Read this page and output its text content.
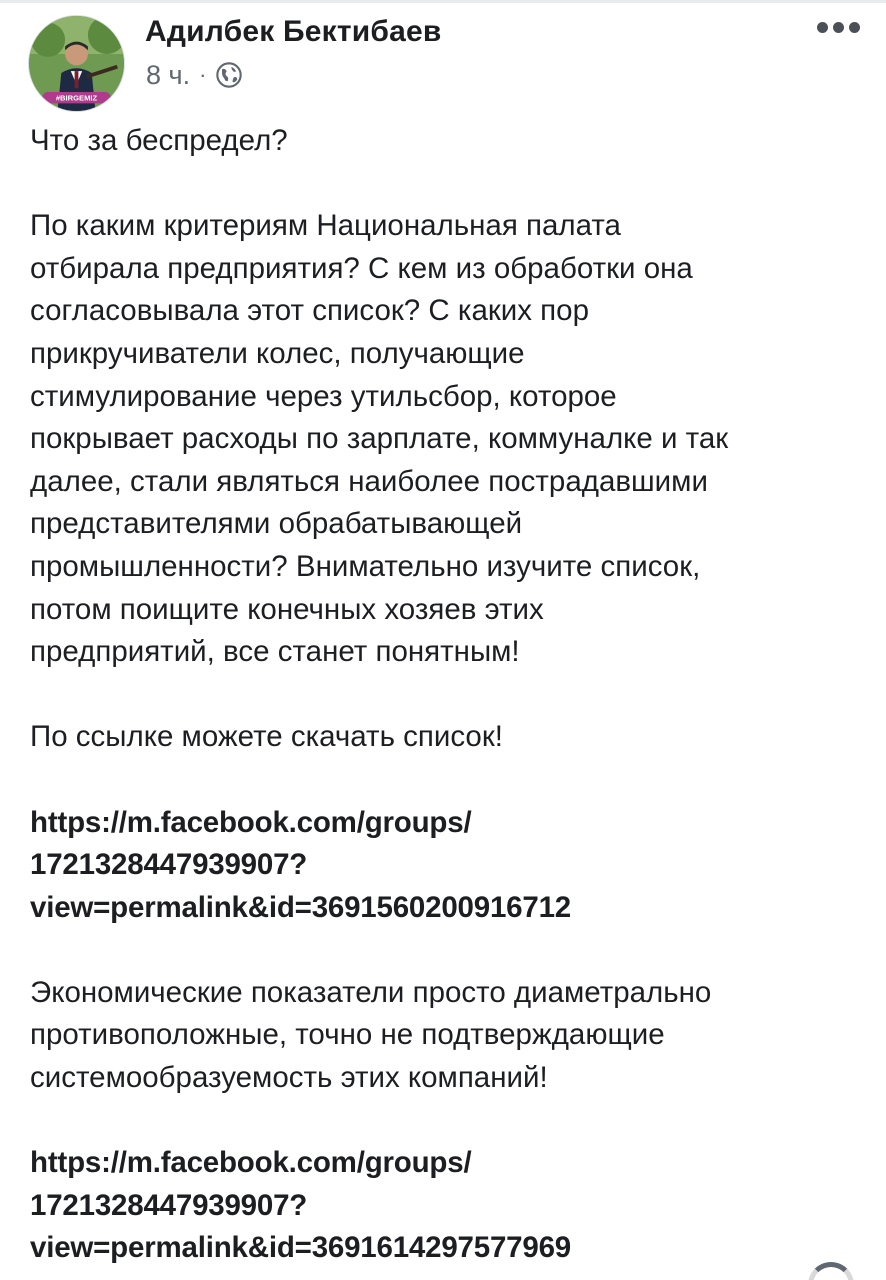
#BIRGEMIZ
Адилбек Бектибаев
8 ч. ·

Что за беспредел?

По каким критериям Национальная палата
отбирала предприятия? С кем из обработки она
согласовывала этот список? С каких пор
прикручиватели колес, получающие
стимулирование через утильсбор, которое
покрывает расходы по зарплате, коммуналке и так
далее, стали являться наиболее пострадавшими
представителями обрабатывающей
промышленности? Внимательно изучите список,
потом поищите конечных хозяев этих
предприятий, все станет понятным!

По ссылке можете скачать список!

https://m.facebook.com/groups/
1721328447939907?
view=permalink&id=3691560200916712

Экономические показатели просто диаметрально
противоположные, точно не подтверждающие
системообразуемость этих компаний!

https://m.facebook.com/groups/
1721328447939907?
view=permalink&id=3691614297577969
